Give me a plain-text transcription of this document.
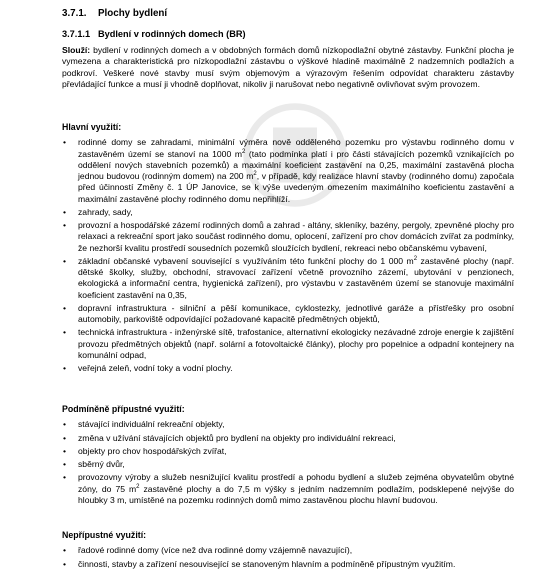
3.7.1. Plochy bydlení
3.7.1.1 Bydlení v rodinných domech (BR)
Slouží: bydlení v rodinných domech a v obdobných formách domů nízkopodlažní obytné zástavby. Funkční plocha je vymezena a charakteristická pro nízkopodlažní zástavbu o výškové hladině maximálně 2 nadzemních podlažích a podkroví. Veškeré nové stavby musí svým objemovým a výrazovým řešením odpovídat charakteru zástavby převládající funkce a musí ji vhodně doplňovat, nikoliv ji narušovat nebo negativně ovlivňovat svým provozem.
Hlavní využití:
• rodinné domy se zahradami, minimální výměra nově odděleného pozemku pro výstavbu rodinného domu v zastavěném území se stanoví na 1000 $m^2$ (tato podmínka platí i pro části stávajících pozemků vznikajících po oddělení nových stavebních pozemků) a maximální koeficient zastavění na 0,25, maximální zastavěná plocha jednou budovou (rodinným domem) na 200 $m^2$, v případě, kdy realizace hlavní stavby (rodinného domu) započala před účinností Změny č. 1 ÚP Janovice, se k výše uvedeným omezením maximálního koeficientu zastavění a maximální zastavěné plochy rodinného domu nepřihlíží.
• zahrady, sady,
• provozní a hospodářské zázemí rodinných domů a zahrad - altány, skleníky, bazény, pergoly, zpevněné plochy pro relaxaci a rekreační sport jako součást rodinného domu, oplocení, zařízení pro chov domácích zvířat za podmínky, že nezhorší kvalitu prostředí sousedních pozemků sloužících bydlení, rekreaci nebo občanskému vybavení,
• základní občanské vybavení související s využíváním této funkční plochy do 1 000 $m^2$ zastavěné plochy (např. dětské školky, služby, obchodní, stravovací zařízení včetně provozního zázemí, ubytování v penzionech, ekologická a informační centra, hygienická zařízení), pro výstavbu v zastavěném území se stanovuje maximální koeficient zastavění na 0,35,
• dopravní infrastruktura - silniční a pěší komunikace, cyklostezky, jednotlivé garáže a přístřešky pro osobní automobily, parkoviště odpovídající požadované kapacitě předmětných objektů,
• technická infrastruktura - inženýrské sítě, trafostanice, alternativní ekologicky nezávadné zdroje energie k zajištění provozu předmětných objektů (např. solární a fotovoltaické články), plochy pro popelnice a odpadní kontejnery na komunální odpad,
• veřejná zeleň, vodní toky a vodní plochy.
Podmíněně přípustné využití:
• stávající individuální rekreační objekty,
• změna v užívání stávajících objektů pro bydlení na objekty pro individuální rekreaci,
• objekty pro chov hospodářských zvířat,
• sběrný dvůr,
• provozovny výroby a služeb nesnižující kvalitu prostředí a pohodu bydlení a služeb zejména obyvatelům obytné zóny, do 75 $m^2$ zastavěné plochy a do 7,5 m výšky s jedním nadzemním podlažím, podsklepené nejvýše do hloubky 3 m, umístěné na pozemku rodinných domů mimo zastavěnou plochu hlavní budovou.
Nepřípustné využití:
• řadové rodinné domy (více než dva rodinné domy vzájemně navazující),
• činnosti, stavby a zařízení nesouvisející se stanoveným hlavním a podmíněně přípustným využitím.
